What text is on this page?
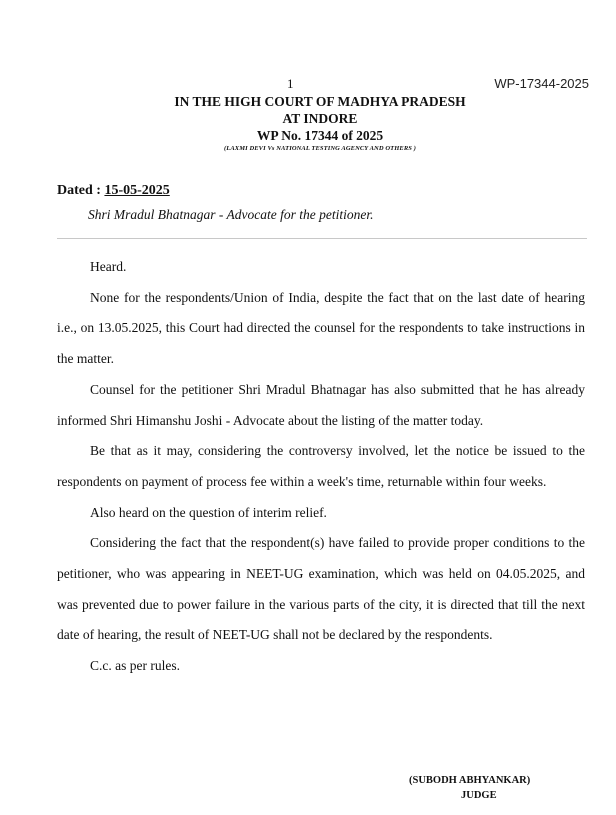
1	WP-17344-2025
IN THE HIGH COURT OF MADHYA PRADESH
AT INDORE
WP No. 17344 of 2025
(LAXMI DEVI Vs NATIONAL TESTING AGENCY AND OTHERS )
Dated : 15-05-2025
Shri Mradul Bhatnagar - Advocate for the petitioner.

Heard.

None for the respondents/Union of India, despite the fact that on the last date of hearing i.e., on 13.05.2025, this Court had directed the counsel for the respondents to take instructions in the matter.

Counsel for the petitioner Shri Mradul Bhatnagar has also submitted that he has already informed Shri Himanshu Joshi - Advocate about the listing of the matter today.

Be that as it may, considering the controversy involved, let the notice be issued to the respondents on payment of process fee within a week's time, returnable within four weeks.

Also heard on the question of interim relief.

Considering the fact that the respondent(s) have failed to provide proper conditions to the petitioner, who was appearing in NEET-UG examination, which was held on 04.05.2025, and was prevented due to power failure in the various parts of the city, it is directed that till the next date of hearing, the result of NEET-UG shall not be declared by the respondents.

C.c. as per rules.

(SUBODH ABHYANKAR)
JUDGE
